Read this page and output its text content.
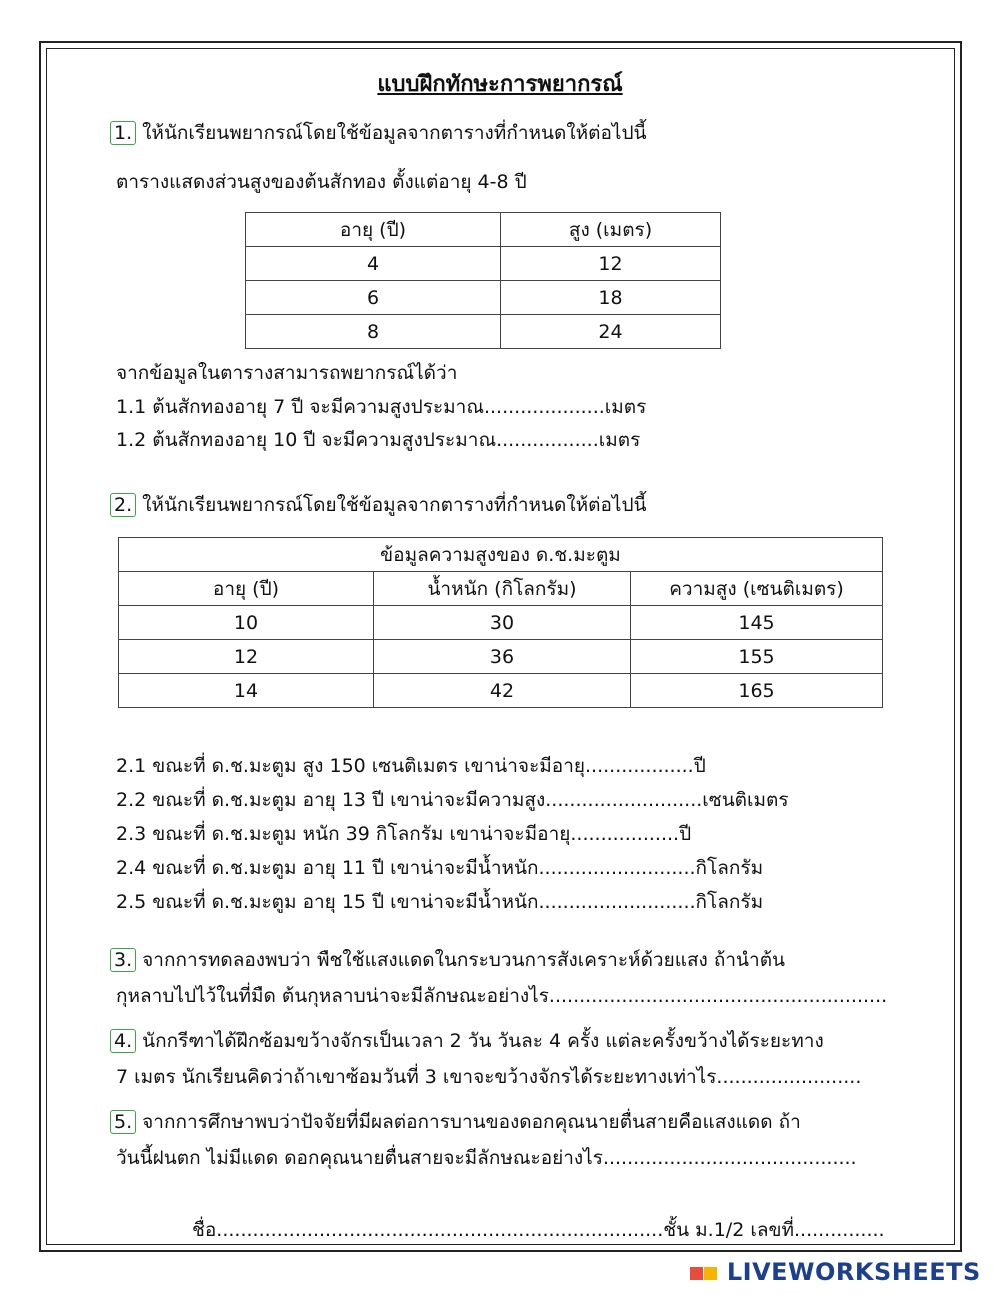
แบบฝึกทักษะการพยากรณ์
1. ให้นักเรียนพยากรณ์โดยใช้ข้อมูลจากตารางที่กำหนดให้ต่อไปนี้
ตารางแสดงส่วนสูงของต้นสักทอง ตั้งแต่อายุ 4-8 ปี
อายุ (ปี)	สูง (เมตร)
4	12
6	18
8	24
จากข้อมูลในตารางสามารถพยากรณ์ได้ว่า
1.1 ต้นสักทองอายุ 7 ปี จะมีความสูงประมาณ....................เมตร
1.2 ต้นสักทองอายุ 10 ปี จะมีความสูงประมาณ.................เมตร
2. ให้นักเรียนพยากรณ์โดยใช้ข้อมูลจากตารางที่กำหนดให้ต่อไปนี้
ข้อมูลความสูงของ ด.ช.มะตูม		
อายุ (ปี)	น้ำหนัก (กิโลกรัม)	ความสูง (เซนติเมตร)
10	30	145
12	36	155
14	42	165
2.1 ขณะที่ ด.ช.มะตูม สูง 150 เซนติเมตร เขาน่าจะมีอายุ..................ปี
2.2 ขณะที่ ด.ช.มะตูม อายุ 13 ปี เขาน่าจะมีความสูง..........................เซนติเมตร
2.3 ขณะที่ ด.ช.มะตูม หนัก 39 กิโลกรัม เขาน่าจะมีอายุ..................ปี
2.4 ขณะที่ ด.ช.มะตูม อายุ 11 ปี เขาน่าจะมีน้ำหนัก..........................กิโลกรัม
2.5 ขณะที่ ด.ช.มะตูม อายุ 15 ปี เขาน่าจะมีน้ำหนัก..........................กิโลกรัม
3. จากการทดลองพบว่า พืชใช้แสงแดดในกระบวนการสังเคราะห์ด้วยแสง ถ้านำต้น
กุหลาบไปไว้ในที่มืด ต้นกุหลาบน่าจะมีลักษณะอย่างไร........................................................
4. นักกรีฑาได้ฝึกซ้อมขว้างจักรเป็นเวลา 2 วัน วันละ 4 ครั้ง แต่ละครั้งขว้างได้ระยะทาง
7 เมตร นักเรียนคิดว่าถ้าเขาซ้อมวันที่ 3 เขาจะขว้างจักรได้ระยะทางเท่าไร........................
5. จากการศึกษาพบว่าปัจจัยที่มีผลต่อการบานของดอกคุณนายตื่นสายคือแสงแดด ถ้า
วันนี้ฝนตก ไม่มีแดด ดอกคุณนายตื่นสายจะมีลักษณะอย่างไร..........................................
ชื่อ..........................................................................ชั้น ม.1/2 เลขที่...............
LIVEWORKSHEETS
